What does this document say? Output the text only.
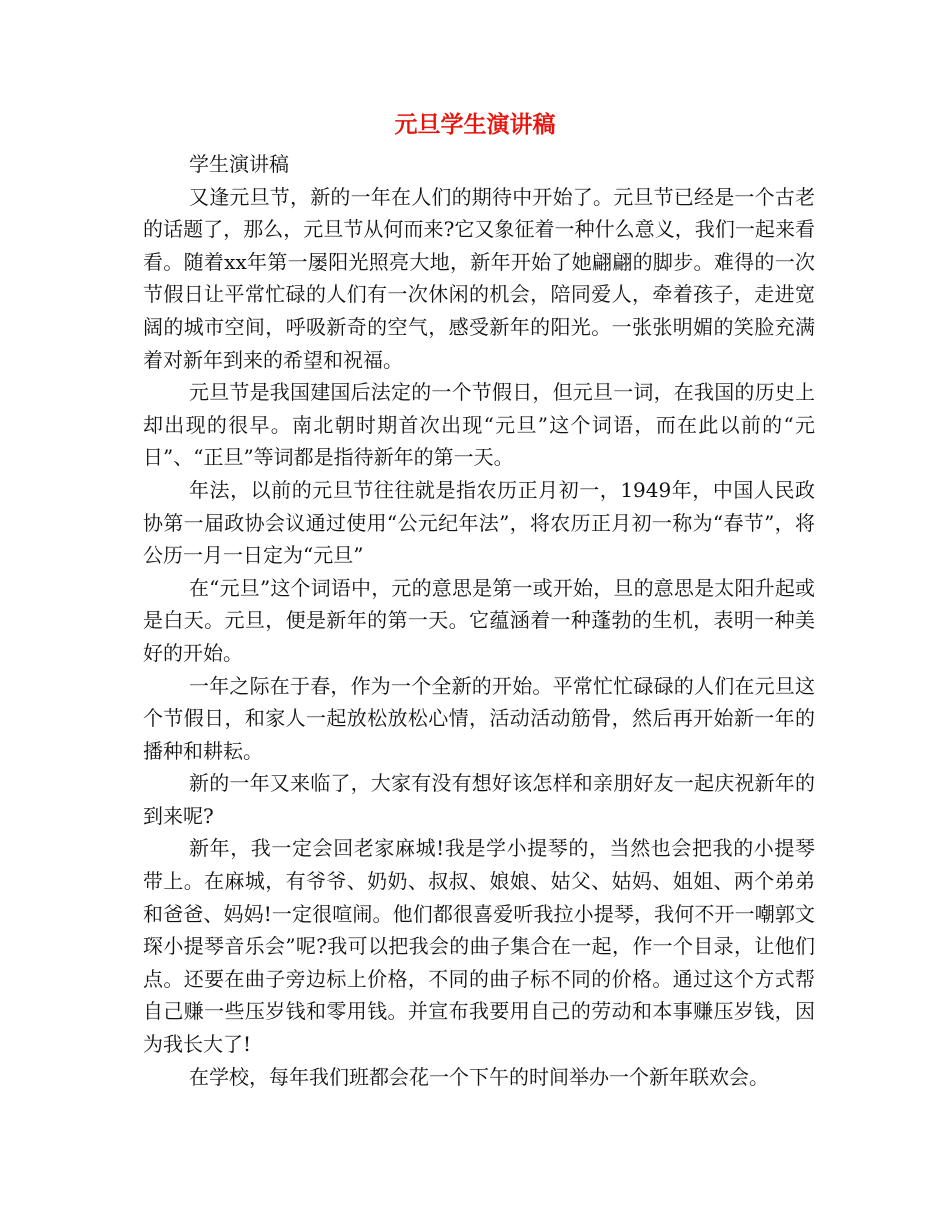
元旦学生演讲稿

学生演讲稿

又逢元旦节，新的一年在人们的期待中开始了。元旦节已经是一个古老的话题了，那么，元旦节从何而来?它又象征着一种什么意义，我们一起来看看。随着xx年第一屡阳光照亮大地，新年开始了她翩翩的脚步。难得的一次节假日让平常忙碌的人们有一次休闲的机会，陪同爱人，牵着孩子，走进宽阔的城市空间，呼吸新奇的空气，感受新年的阳光。一张张明媚的笑脸充满着对新年到来的希望和祝福。

元旦节是我国建国后法定的一个节假日，但元旦一词，在我国的历史上却出现的很早。南北朝时期首次出现“元旦”这个词语，而在此以前的“元日”、“正旦”等词都是指待新年的第一天。

年法，以前的元旦节往往就是指农历正月初一，1949年，中国人民政协第一届政协会议通过使用“公元纪年法”，将农历正月初一称为“春节”，将公历一月一日定为“元旦”

在“元旦”这个词语中，元的意思是第一或开始，旦的意思是太阳升起或是白天。元旦，便是新年的第一天。它蕴涵着一种蓬勃的生机，表明一种美好的开始。

一年之际在于春，作为一个全新的开始。平常忙忙碌碌的人们在元旦这个节假日，和家人一起放松放松心情，活动活动筋骨，然后再开始新一年的播种和耕耘。

新的一年又来临了，大家有没有想好该怎样和亲朋好友一起庆祝新年的到来呢?

新年，我一定会回老家麻城!我是学小提琴的，当然也会把我的小提琴带上。在麻城，有爷爷、奶奶、叔叔、娘娘、姑父、姑妈、姐姐、两个弟弟和爸爸、妈妈!一定很喧闹。他们都很喜爱听我拉小提琴，我何不开一嘲郭文琛小提琴音乐会”呢?我可以把我会的曲子集合在一起，作一个目录，让他们点。还要在曲子旁边标上价格，不同的曲子标不同的价格。通过这个方式帮自己赚一些压岁钱和零用钱。并宣布我要用自己的劳动和本事赚压岁钱，因为我长大了!

在学校，每年我们班都会花一个下午的时间举办一个新年联欢会。
